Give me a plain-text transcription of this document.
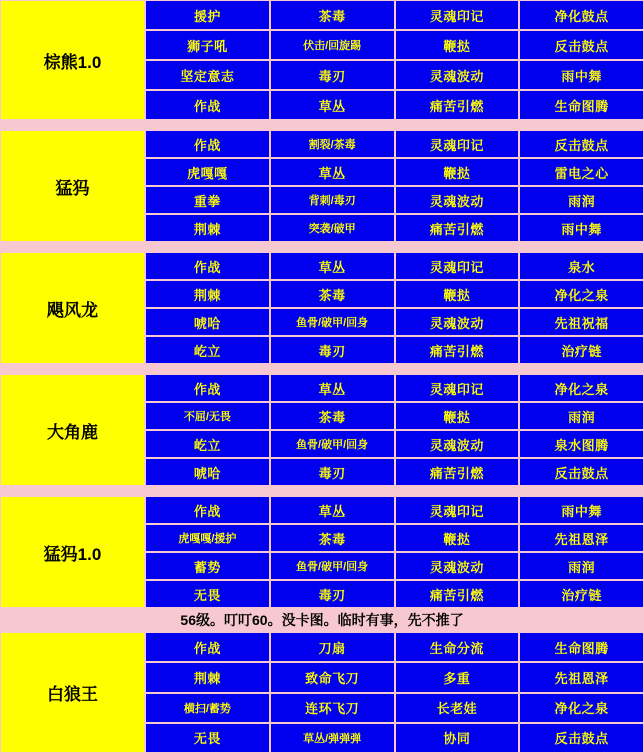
棕熊1.0
援护	茶毒	灵魂印记	净化鼓点
狮子吼	伏击/回旋踢	鞭挞	反击鼓点
坚定意志	毒刃	灵魂波动	雨中舞
作战	草丛	痛苦引燃	生命图腾
猛犸
作战	割裂/茶毒	灵魂印记	反击鼓点
虎嘎嘎	草丛	鞭挞	雷电之心
重拳	背刺/毒刃	灵魂波动	雨润
荆棘	突袭/破甲	痛苦引燃	雨中舞
飓风龙
作战	草丛	灵魂印记	泉水
荆棘	茶毒	鞭挞	净化之泉
唬哈	鱼骨/破甲/回身	灵魂波动	先祖祝福
屹立	毒刃	痛苦引燃	治疗链
大角鹿
作战	草丛	灵魂印记	净化之泉
不屈/无畏	茶毒	鞭挞	雨润
屹立	鱼骨/破甲/回身	灵魂波动	泉水图腾
唬哈	毒刃	痛苦引燃	反击鼓点
猛犸1.0
作战	草丛	灵魂印记	雨中舞
虎嘎嘎/援护	茶毒	鞭挞	先祖恩泽
蓄势	鱼骨/破甲/回身	灵魂波动	雨润
无畏	毒刃	痛苦引燃	治疗链
56级。叮叮60。没卡图。临时有事，先不推了
白狼王
作战	刀扇	生命分流	生命图腾
荆棘	致命飞刀	多重	先祖恩泽
横扫/蓄势	连环飞刀	长老娃	净化之泉
无畏	草丛/弹弹弹	协同	反击鼓点
